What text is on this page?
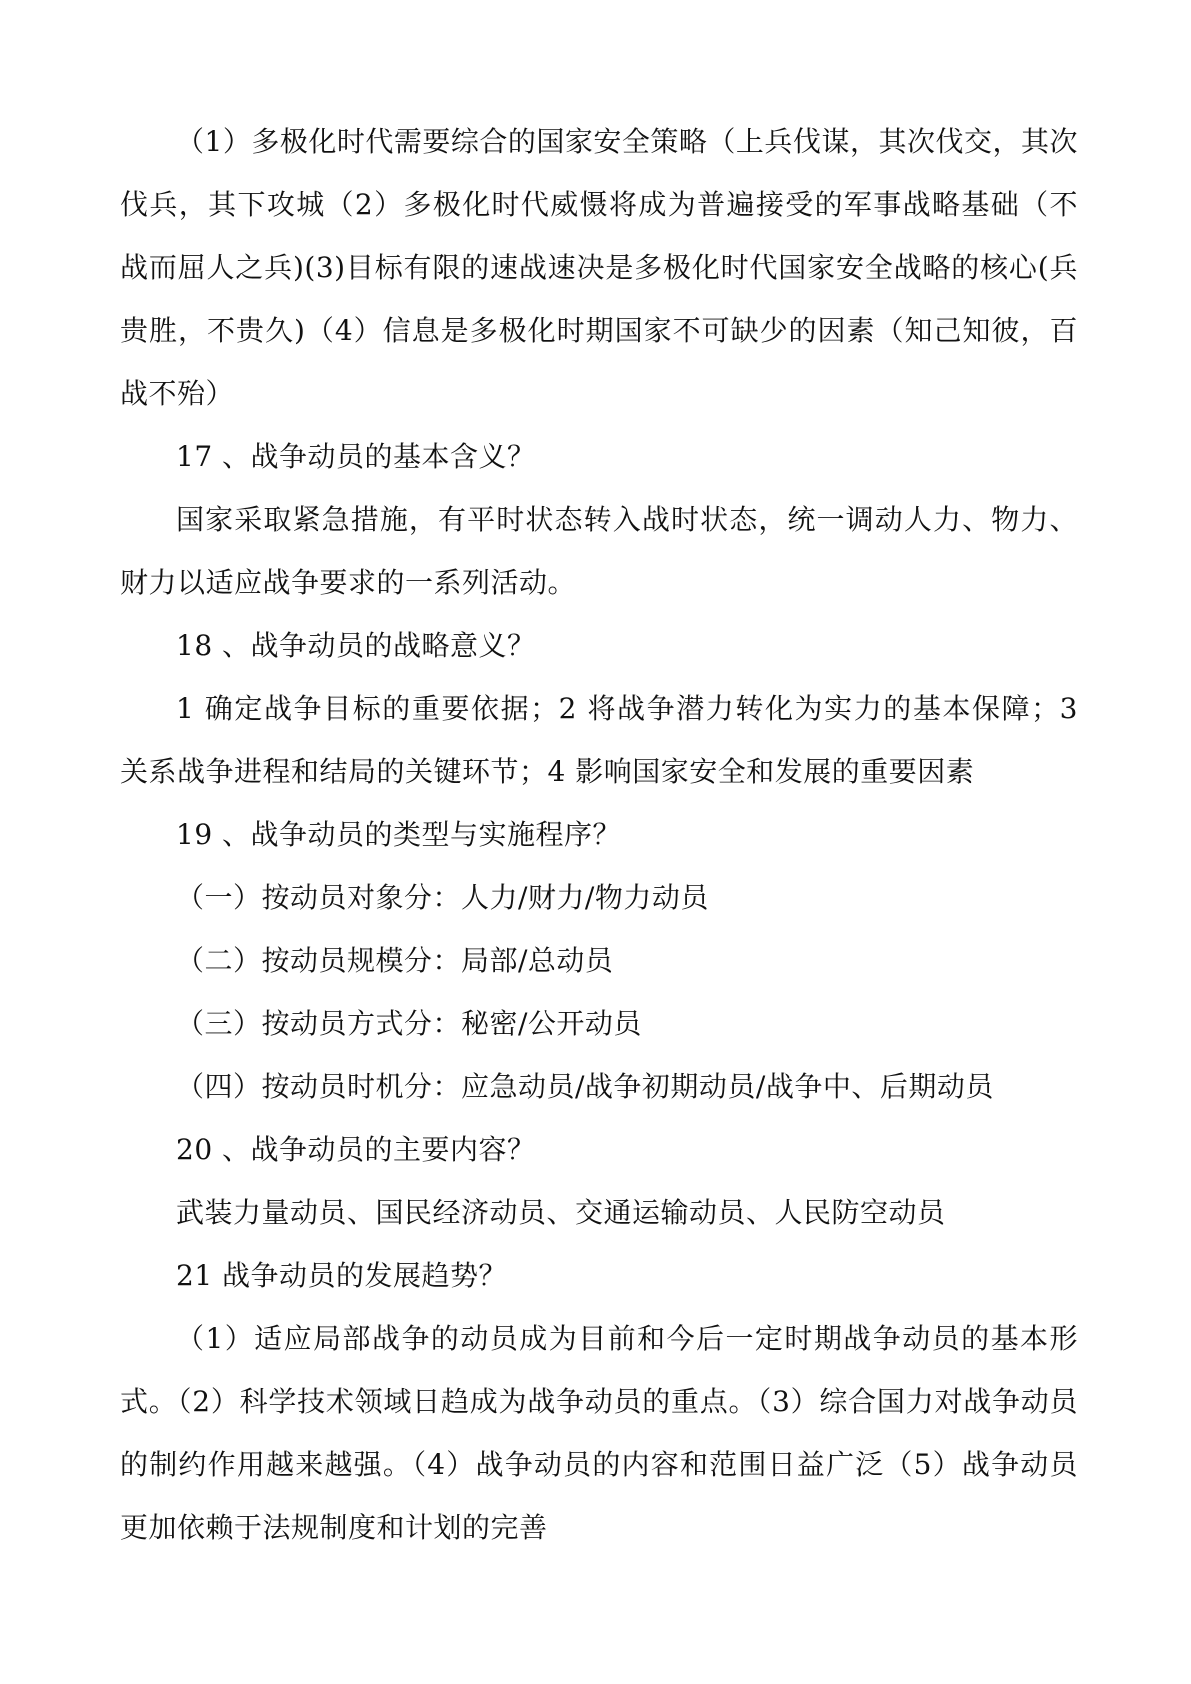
（1）多极化时代需要综合的国家安全策略（上兵伐谋，其次伐交，其次伐兵，其下攻城（2）多极化时代威慑将成为普遍接受的军事战略基础（不战而屈人之兵)(3)目标有限的速战速决是多极化时代国家安全战略的核心(兵贵胜，不贵久)（4）信息是多极化时期国家不可缺少的因素（知己知彼，百战不殆）

17 、战争动员的基本含义？

国家采取紧急措施，有平时状态转入战时状态，统一调动人力、物力、财力以适应战争要求的一系列活动。

18 、战争动员的战略意义？

1 确定战争目标的重要依据；2 将战争潜力转化为实力的基本保障；3 关系战争进程和结局的关键环节；4 影响国家安全和发展的重要因素

19 、战争动员的类型与实施程序？

（一）按动员对象分：人力/财力/物力动员

（二）按动员规模分：局部/总动员

（三）按动员方式分：秘密/公开动员

（四）按动员时机分：应急动员/战争初期动员/战争中、后期动员

20 、战争动员的主要内容？

武装力量动员、国民经济动员、交通运输动员、人民防空动员

21 战争动员的发展趋势？

（1）适应局部战争的动员成为目前和今后一定时期战争动员的基本形式。（2）科学技术领域日趋成为战争动员的重点。（3）综合国力对战争动员的制约作用越来越强。（4）战争动员的内容和范围日益广泛（5）战争动员更加依赖于法规制度和计划的完善
